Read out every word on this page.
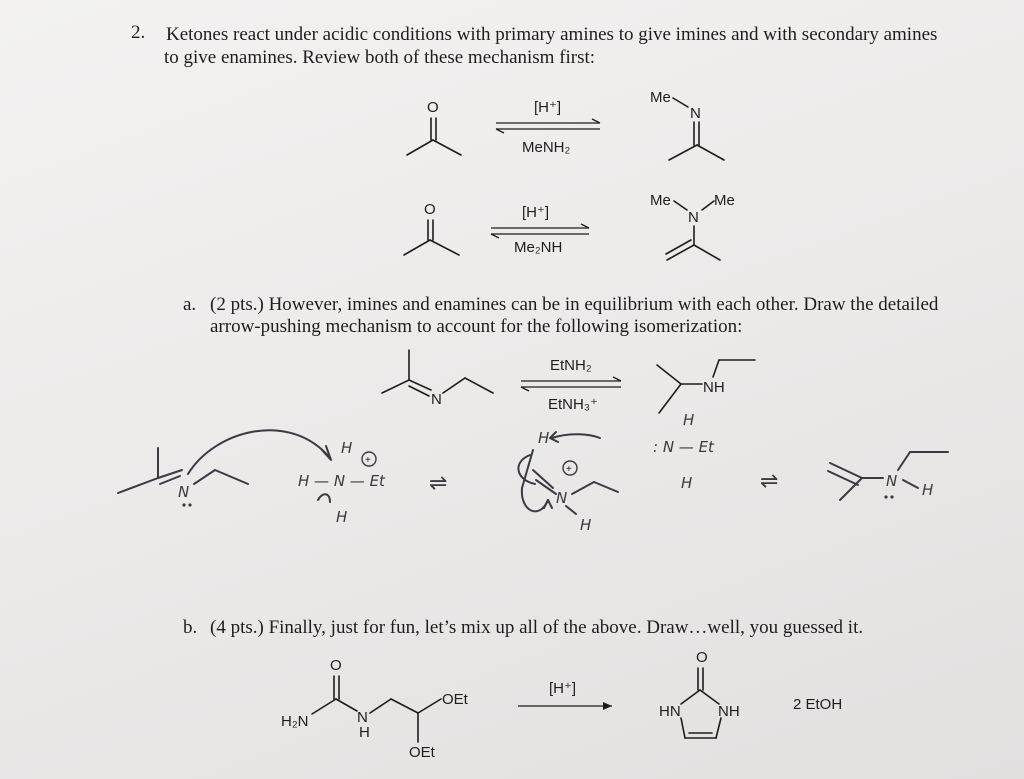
2. Ketones react under acidic conditions with primary amines to give imines and with secondary amines
to give enamines. Review both of these mechanism first:
a. (2 pts.) However, imines and enamines can be in equilibrium with each other. Draw the detailed
arrow-pushing mechanism to account for the following isomerization:
b. (4 pts.) Finally, just for fun, let’s mix up all of the above. Draw…well, you guessed it.
O	[H⁺]
MeNH₂
Me
N
O	[H⁺]
Me₂NH
Me	Me
N
N
EtNH₂
EtNH₃⁺
NH
N
H
+
H — N — Et
H
⇌
H
+
N
H
H
: N — Et
H	⇌	N H
O
H₂N	N
H
OEt
OEt
[H⁺]
O
HN NH	2 EtOH
